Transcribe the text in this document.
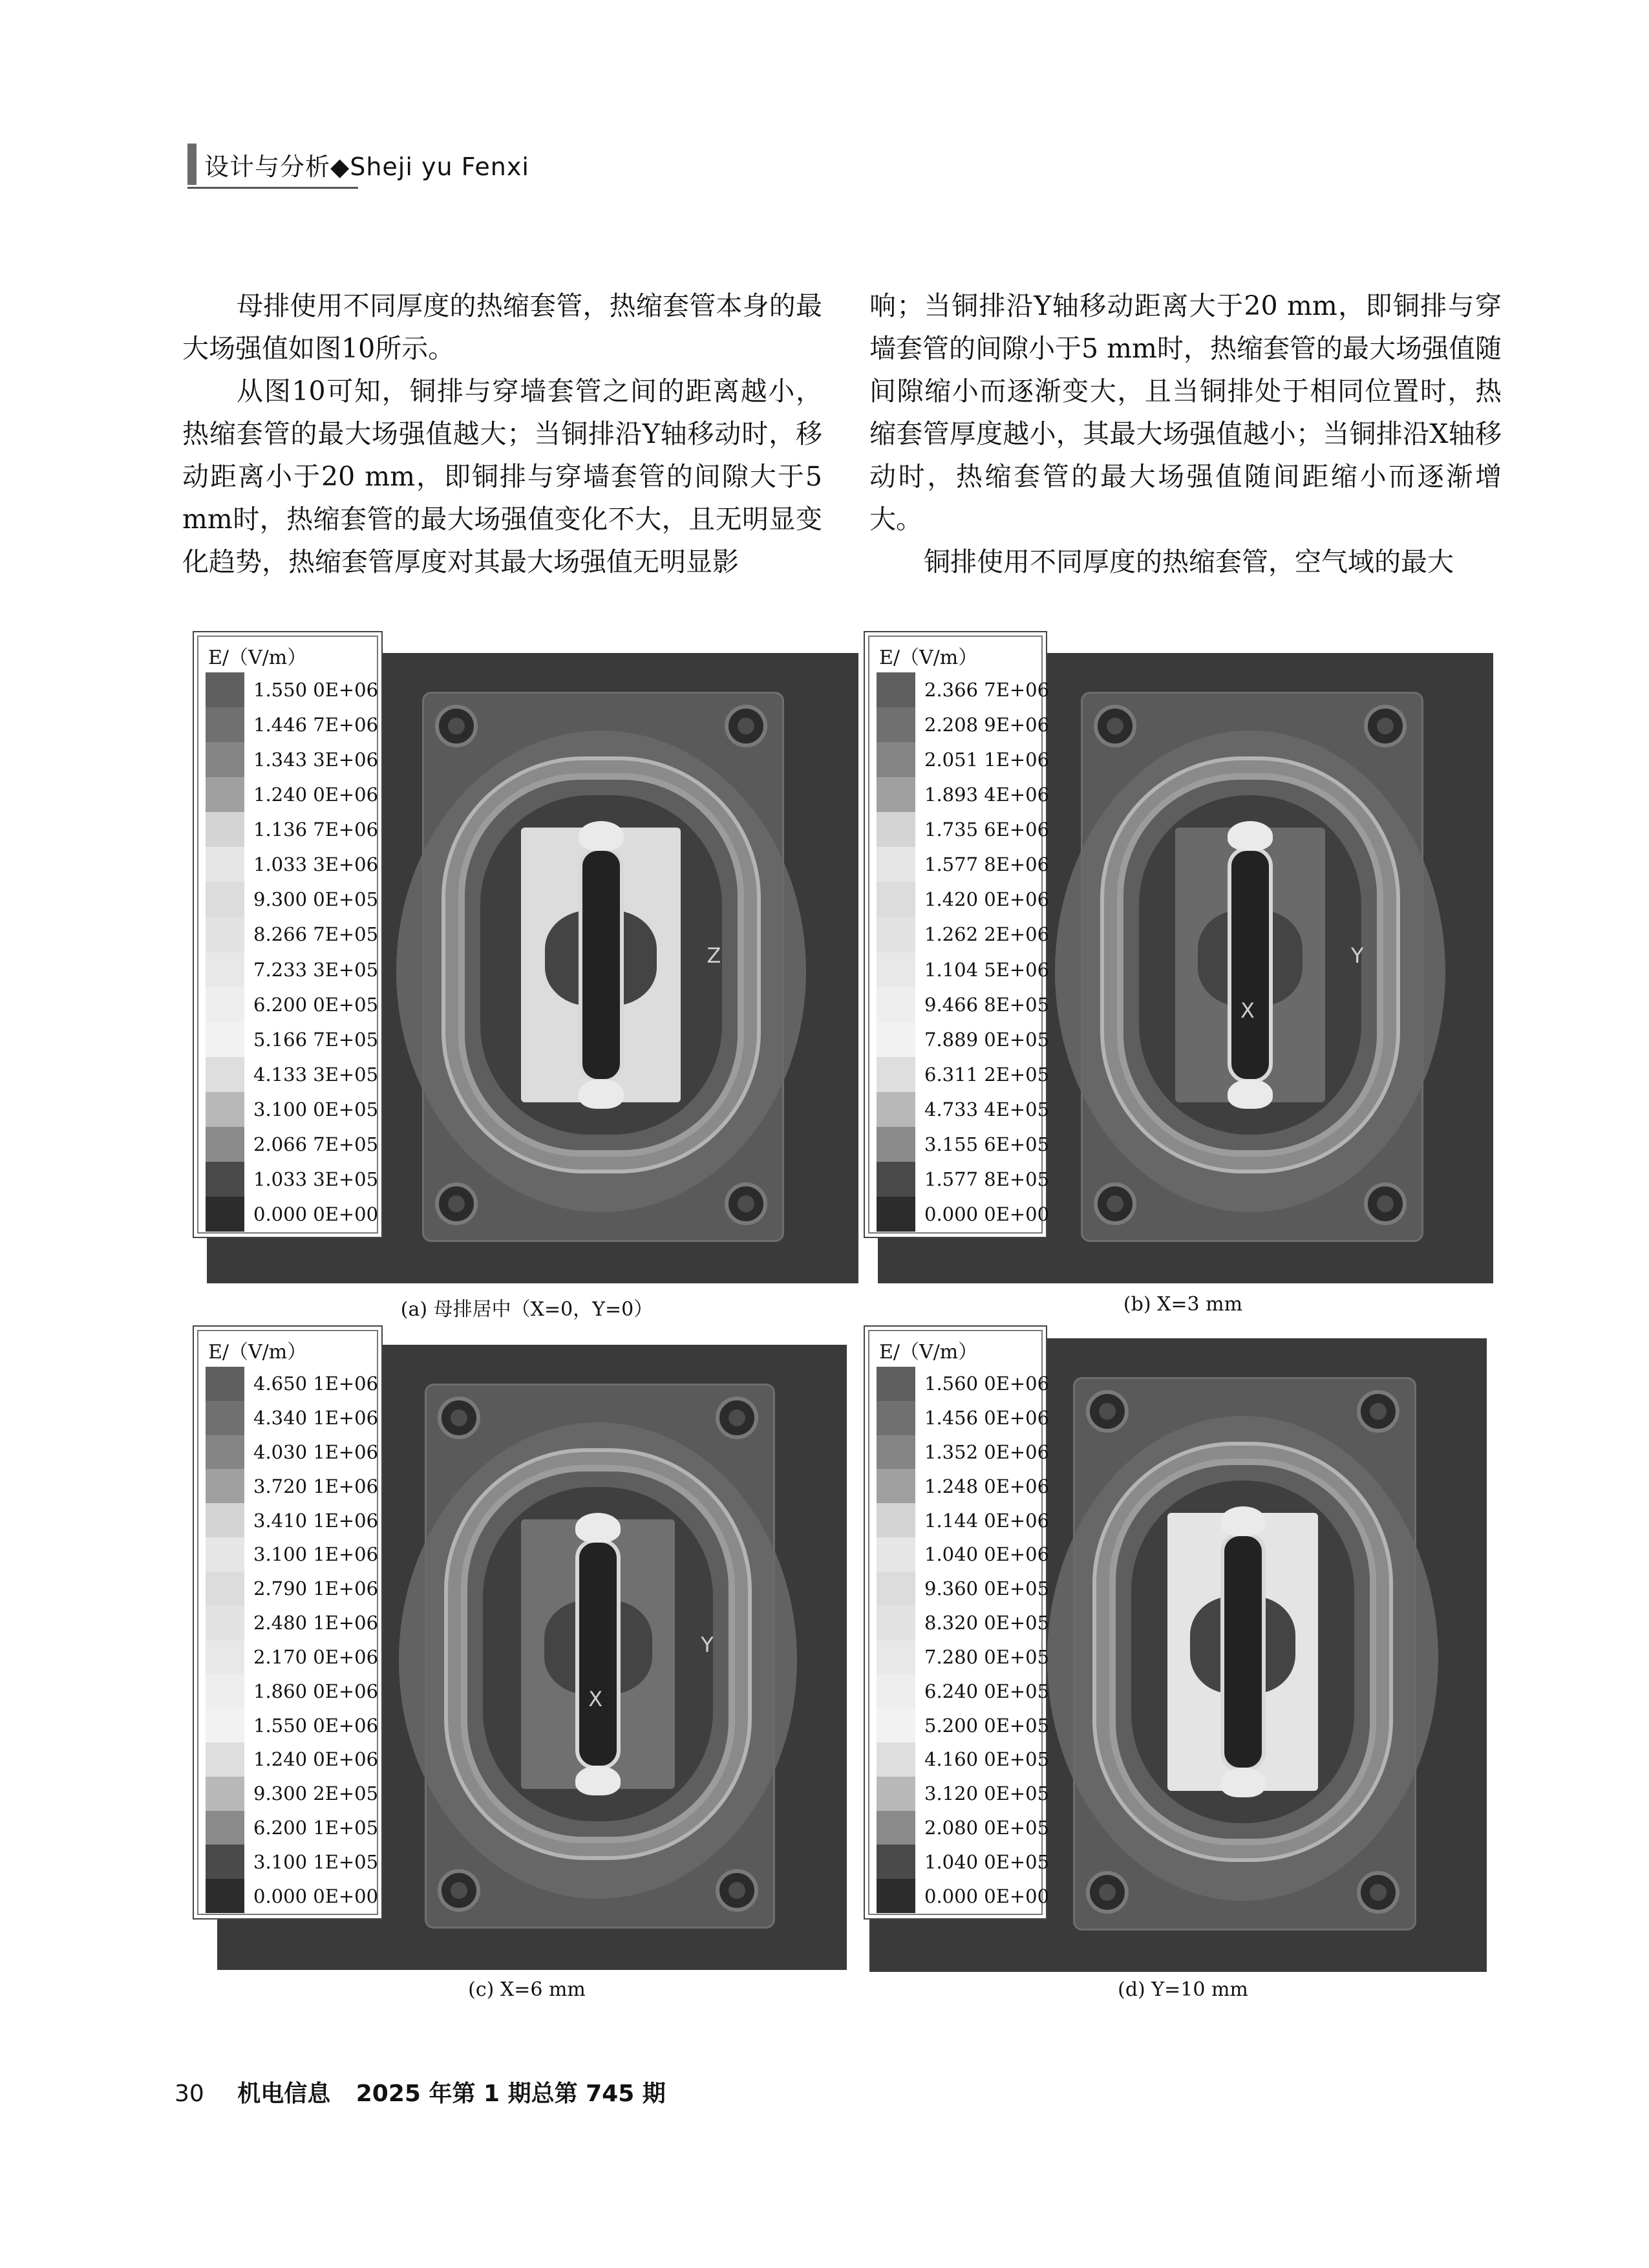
设计与分析◆Sheji yu Fenxi

母排使用不同厚度的热缩套管，热缩套管本身的最大场强值如图10所示。

从图10可知，铜排与穿墙套管之间的距离越小，热缩套管的最大场强值越大；当铜排沿Y轴移动时，移动距离小于20 mm，即铜排与穿墙套管的间隙大于5 mm时，热缩套管的最大场强值变化不大，且无明显变化趋势，热缩套管厚度对其最大场强值无明显影

响；当铜排沿Y轴移动距离大于20 mm，即铜排与穿墙套管的间隙小于5 mm时，热缩套管的最大场强值随间隙缩小而逐渐变大，且当铜排处于相同位置时，热缩套管厚度越小，其最大场强值越小；当铜排沿X轴移动时，热缩套管的最大场强值随间距缩小而逐渐增大。

铜排使用不同厚度的热缩套管，空气域的最大

Z
E/（V/m）
1.550 0E+06
1.446 7E+06
1.343 3E+06
1.240 0E+06
1.136 7E+06
1.033 3E+06
9.300 0E+05
8.266 7E+05
7.233 3E+05
6.200 0E+05
5.166 7E+05
4.133 3E+05
3.100 0E+05
2.066 7E+05
1.033 3E+05
0.000 0E+00
(a) 母排居中（X=0，Y=0）
Y
X
E/（V/m）
2.366 7E+06
2.208 9E+06
2.051 1E+06
1.893 4E+06
1.735 6E+06
1.577 8E+06
1.420 0E+06
1.262 2E+06
1.104 5E+06
9.466 8E+05
7.889 0E+05
6.311 2E+05
4.733 4E+05
3.155 6E+05
1.577 8E+05
0.000 0E+00
(b) X=3 mm
Y
X
E/（V/m）
4.650 1E+06
4.340 1E+06
4.030 1E+06
3.720 1E+06
3.410 1E+06
3.100 1E+06
2.790 1E+06
2.480 1E+06
2.170 0E+06
1.860 0E+06
1.550 0E+06
1.240 0E+06
9.300 2E+05
6.200 1E+05
3.100 1E+05
0.000 0E+00
(c) X=6 mm
E/（V/m）
1.560 0E+06
1.456 0E+06
1.352 0E+06
1.248 0E+06
1.144 0E+06
1.040 0E+06
9.360 0E+05
8.320 0E+05
7.280 0E+05
6.240 0E+05
5.200 0E+05
4.160 0E+05
3.120 0E+05
2.080 0E+05
1.040 0E+05
0.000 0E+00
(d) Y=10 mm
30 机电信息 2025 年第 1 期总第 745 期
